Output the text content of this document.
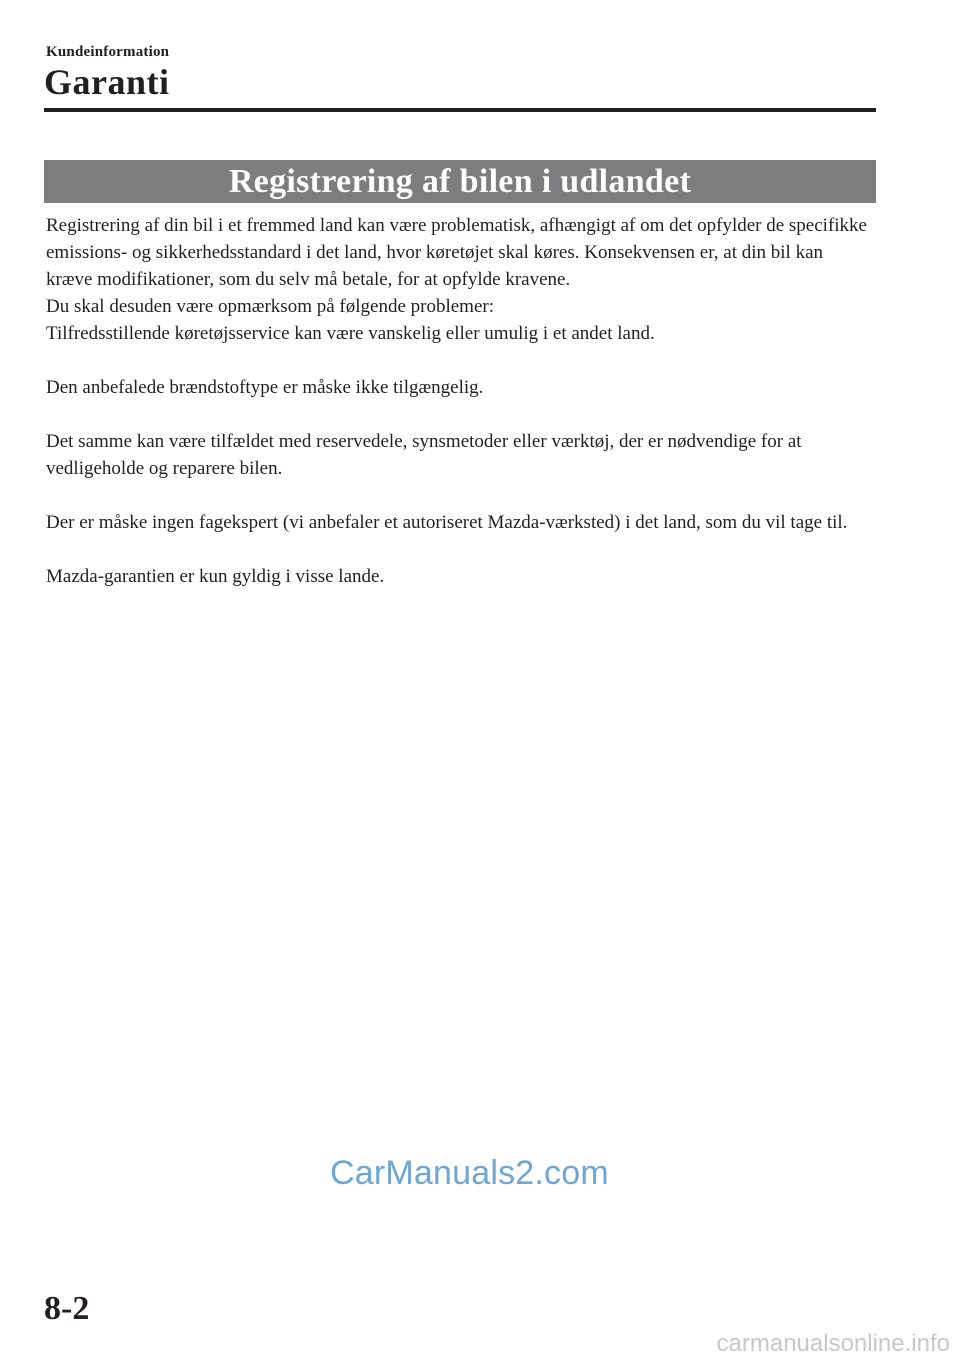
Kundeinformation
Garanti
Registrering af bilen i udlandet

Registrering af din bil i et fremmed land kan være problematisk, afhængigt af om det opfylder de specifikke emissions- og sikkerhedsstandard i det land, hvor køretøjet skal køres. Konsekvensen er, at din bil kan kræve modifikationer, som du selv må betale, for at opfylde kravene.

Du skal desuden være opmærksom på følgende problemer:

Tilfredsstillende køretøjsservice kan være vanskelig eller umulig i et andet land.

Den anbefalede brændstoftype er måske ikke tilgængelig.

Det samme kan være tilfældet med reservedele, synsmetoder eller værktøj, der er nødvendige for at vedligeholde og reparere bilen.

Der er måske ingen fagekspert (vi anbefaler et autoriseret Mazda-værksted) i det land, som du vil tage til.

Mazda-garantien er kun gyldig i visse lande.

CarManuals2.com
8-2
carmanualsonline.info
